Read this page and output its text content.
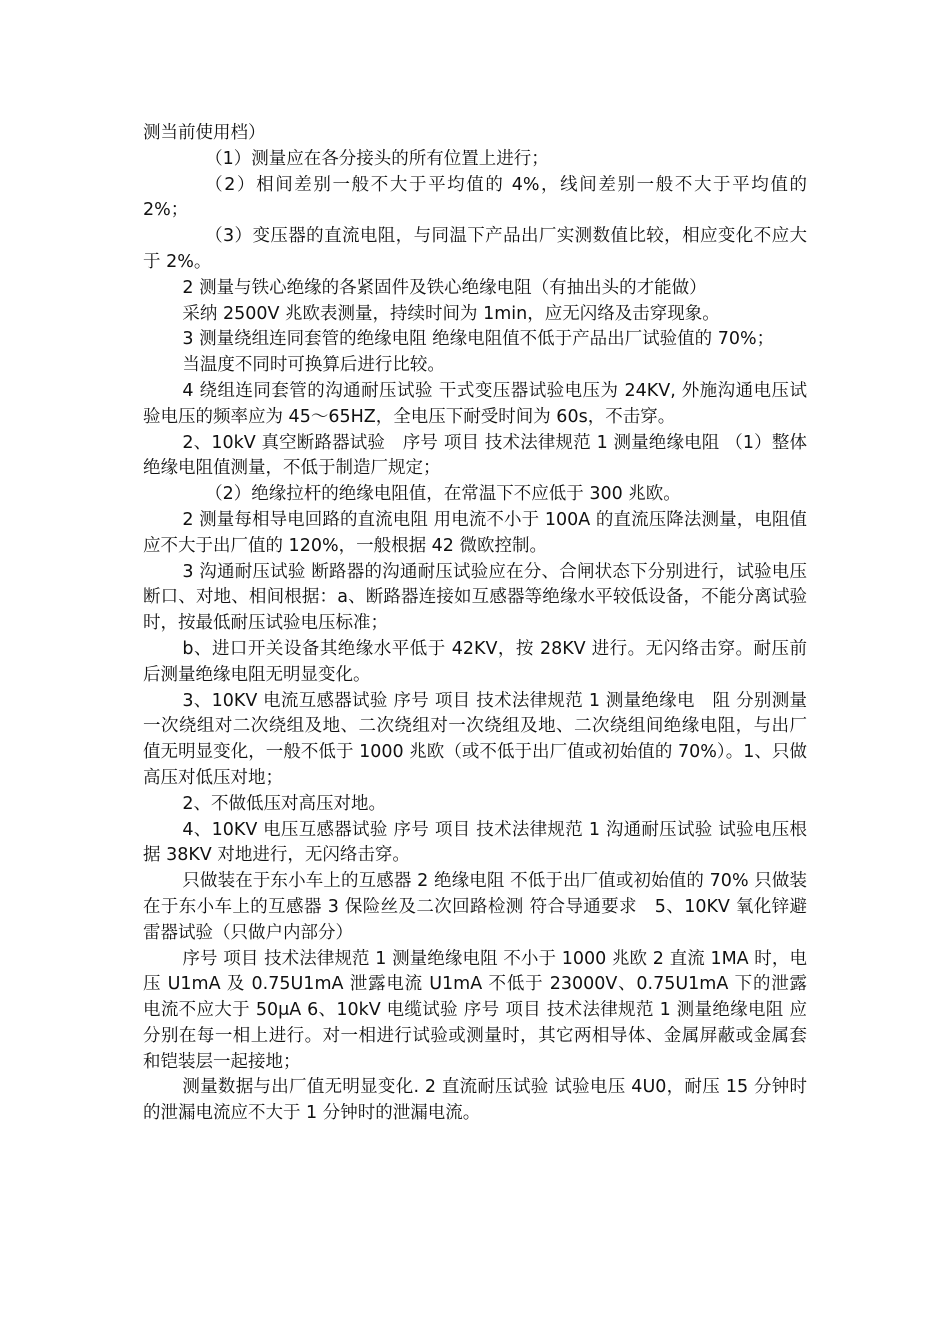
测当前使用档）

（1）测量应在各分接头的所有位置上进行；

（2）相间差别一般不大于平均值的 4%，线间差别一般不大于平均值的 2%；

（3）变压器的直流电阻，与同温下产品出厂实测数值比较，相应变化不应大于 2%。

2 测量与铁心绝缘的各紧固件及铁心绝缘电阻（有抽出头的才能做）

采纳 2500V 兆欧表测量，持续时间为 1min，应无闪络及击穿现象。

3 测量绕组连同套管的绝缘电阻 绝缘电阻值不低于产品出厂试验值的 70%；

当温度不同时可换算后进行比较。

4 绕组连同套管的沟通耐压试验 干式变压器试验电压为 24KV, 外施沟通电压试验电压的频率应为 45～65HZ，全电压下耐受时间为 60s，不击穿。

2、10kV 真空断路器试验　序号 项目 技术法律规范 1 测量绝缘电阻 （1）整体绝缘电阻值测量，不低于制造厂规定；

（2）绝缘拉杆的绝缘电阻值，在常温下不应低于 300 兆欧。

2 测量每相导电回路的直流电阻 用电流不小于 100A 的直流压降法测量，电阻值应不大于出厂值的 120%，一般根据 42 微欧控制。

3 沟通耐压试验 断路器的沟通耐压试验应在分、合闸状态下分别进行，试验电压断口、对地、相间根据：a、断路器连接如互感器等绝缘水平较低设备，不能分离试验时，按最低耐压试验电压标准；

b、进口开关设备其绝缘水平低于 42KV，按 28KV 进行。无闪络击穿。耐压前后测量绝缘电阻无明显变化。

3、10KV 电流互感器试验 序号 项目 技术法律规范 1 测量绝缘电　阻 分别测量一次绕组对二次绕组及地、二次绕组对一次绕组及地、二次绕组间绝缘电阻，与出厂值无明显变化，一般不低于 1000 兆欧（或不低于出厂值或初始值的 70%）。1、只做高压对低压对地；

2、不做低压对高压对地。

4、10KV 电压互感器试验 序号 项目 技术法律规范 1 沟通耐压试验 试验电压根据 38KV 对地进行，无闪络击穿。

只做装在于东小车上的互感器 2 绝缘电阻 不低于出厂值或初始值的 70% 只做装在于东小车上的互感器 3 保险丝及二次回路检测 符合导通要求　5、10KV 氧化锌避雷器试验（只做户内部分）

序号 项目 技术法律规范 1 测量绝缘电阻 不小于 1000 兆欧 2 直流 1MA 时，电压 U1mA 及 0.75U1mA 泄露电流 U1mA 不低于 23000V、0.75U1mA 下的泄露电流不应大于 50μA 6、10kV 电缆试验 序号 项目 技术法律规范 1 测量绝缘电阻 应分别在每一相上进行。对一相进行试验或测量时，其它两相导体、金属屏蔽或金属套和铠装层一起接地；

测量数据与出厂值无明显变化. 2 直流耐压试验 试验电压 4U0，耐压 15 分钟时的泄漏电流应不大于 1 分钟时的泄漏电流。
